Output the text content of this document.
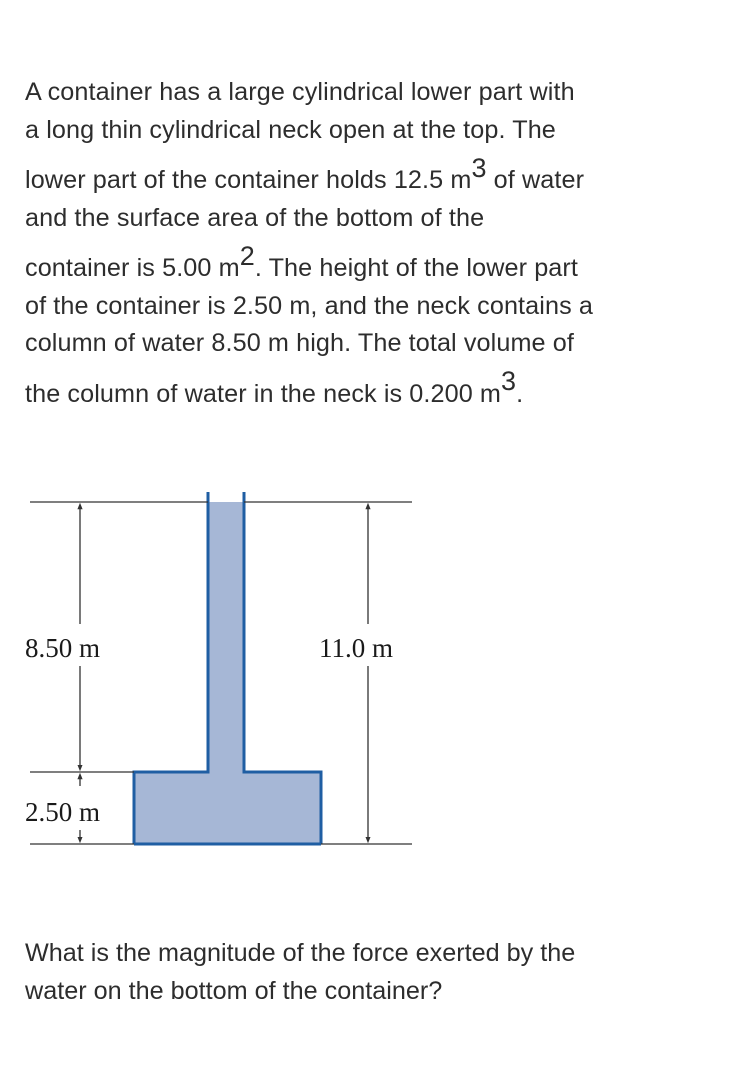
A container has a large cylindrical lower part with
a long thin cylindrical neck open at the top. The
lower part of the container holds 12.5 $m^3$ of water
and the surface area of the bottom of the
container is 5.00 $m^2$. The height of the lower part
of the container is 2.50 m, and the neck contains a
column of water 8.50 m high. The total volume of
the column of water in the neck is 0.200 $m^3$.
8.50 m	11.0 m
2.50 m
What is the magnitude of the force exerted by the
water on the bottom of the container?
